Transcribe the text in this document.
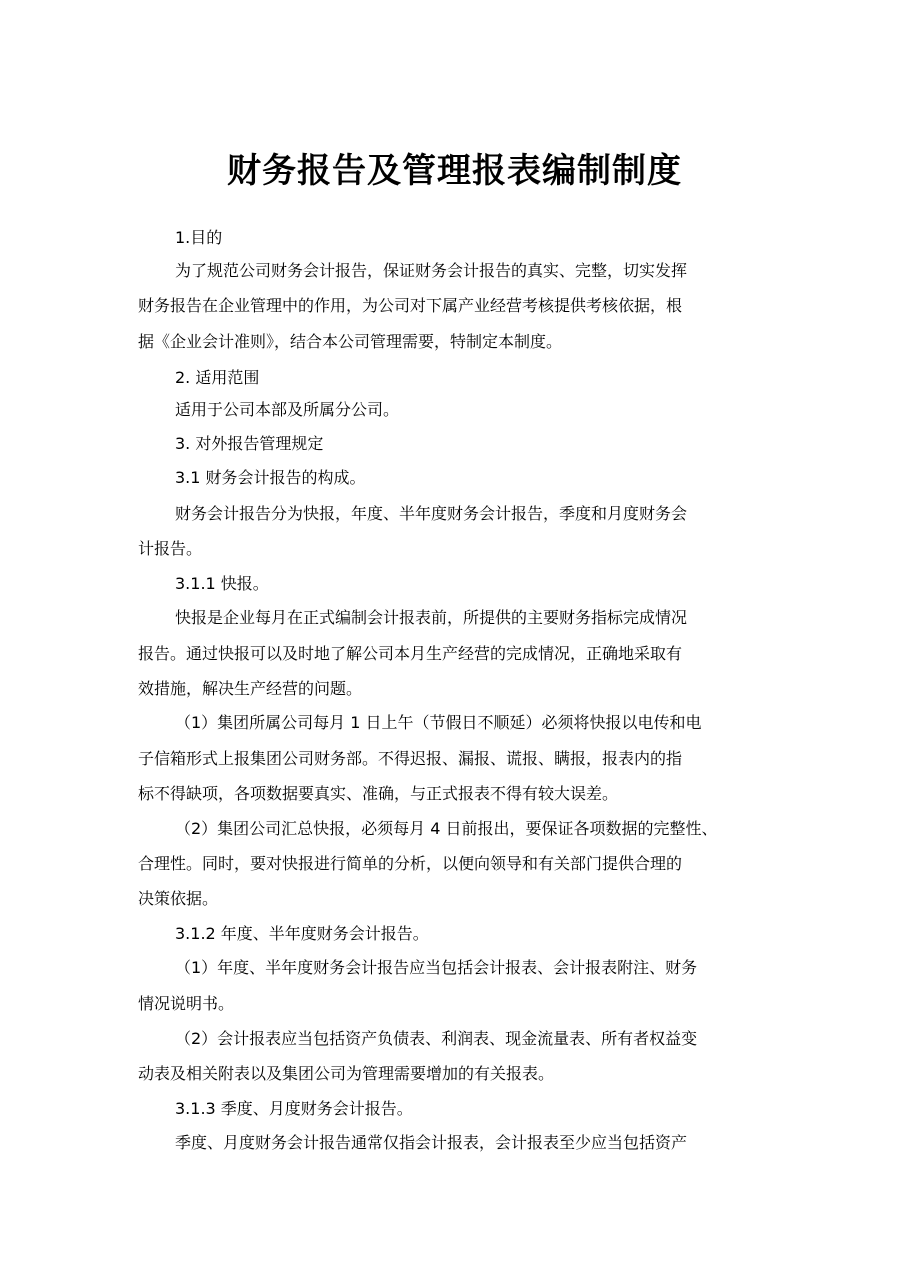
财务报告及管理报表编制制度
1.目的
为了规范公司财务会计报告，保证财务会计报告的真实、完整，切实发挥
财务报告在企业管理中的作用，为公司对下属产业经营考核提供考核依据，根
据《企业会计准则》，结合本公司管理需要，特制定本制度。
2. 适用范围
适用于公司本部及所属分公司。
3. 对外报告管理规定
3.1 财务会计报告的构成。
财务会计报告分为快报，年度、半年度财务会计报告，季度和月度财务会
计报告。
3.1.1 快报。
快报是企业每月在正式编制会计报表前，所提供的主要财务指标完成情况
报告。通过快报可以及时地了解公司本月生产经营的完成情况，正确地采取有
效措施，解决生产经营的问题。
（1）集团所属公司每月 1 日上午（节假日不顺延）必须将快报以电传和电
子信箱形式上报集团公司财务部。不得迟报、漏报、谎报、瞒报，报表内的指
标不得缺项，各项数据要真实、准确，与正式报表不得有较大误差。
（2）集团公司汇总快报，必须每月 4 日前报出，要保证各项数据的完整性、
合理性。同时，要对快报进行简单的分析，以便向领导和有关部门提供合理的
决策依据。
3.1.2 年度、半年度财务会计报告。
（1）年度、半年度财务会计报告应当包括会计报表、会计报表附注、财务
情况说明书。
（2）会计报表应当包括资产负债表、利润表、现金流量表、所有者权益变
动表及相关附表以及集团公司为管理需要增加的有关报表。
3.1.3 季度、月度财务会计报告。
季度、月度财务会计报告通常仅指会计报表，会计报表至少应当包括资产
